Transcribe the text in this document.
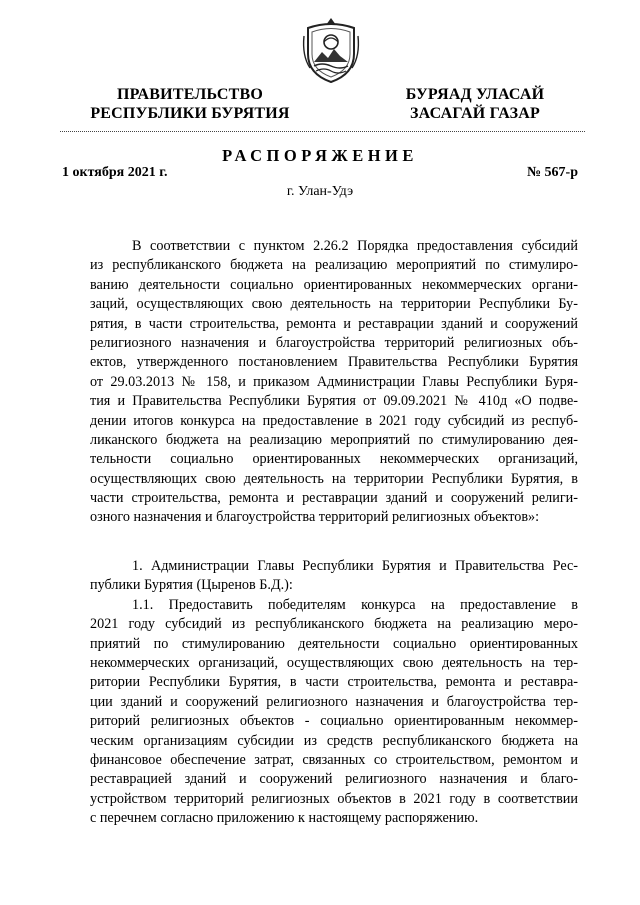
ПРАВИТЕЛЬСТВО
РЕСПУБЛИКИ БУРЯТИЯ
БУРЯАД УЛАСАЙ
ЗАСАГАЙ ГАЗАР
РАСПОРЯЖЕНИЕ
1 октября 2021 г.	№ 567-р
г. Улан-Удэ
В соответствии с пунктом 2.26.2 Порядка предоставления субсидий
из республиканского бюджета на реализацию мероприятий по стимулиро-
ванию деятельности социально ориентированных некоммерческих органи-
заций, осуществляющих свою деятельность на территории Республики Бу-
рятия, в части строительства, ремонта и реставрации зданий и сооружений
религиозного назначения и благоустройства территорий религиозных объ-
ектов, утвержденного постановлением Правительства Республики Бурятия
от 29.03.2013 № 158, и приказом Администрации Главы Республики Буря-
тия и Правительства Республики Бурятия от 09.09.2021 № 410д «О подве-
дении итогов конкурса на предоставление в 2021 году субсидий из респуб-
ликанского бюджета на реализацию мероприятий по стимулированию дея-
тельности социально ориентированных некоммерческих организаций,
осуществляющих свою деятельность на территории Республики Бурятия, в
части строительства, ремонта и реставрации зданий и сооружений религи-
озного назначения и благоустройства территорий религиозных объектов»:
1. Администрации Главы Республики Бурятия и Правительства Рес-
публики Бурятия (Цыренов Б.Д.):
1.1. Предоставить победителям конкурса на предоставление в
2021 году субсидий из республиканского бюджета на реализацию меро-
приятий по стимулированию деятельности социально ориентированных
некоммерческих организаций, осуществляющих свою деятельность на тер-
ритории Республики Бурятия, в части строительства, ремонта и реставра-
ции зданий и сооружений религиозного назначения и благоустройства тер-
риторий религиозных объектов - социально ориентированным некоммер-
ческим организациям субсидии из средств республиканского бюджета на
финансовое обеспечение затрат, связанных со строительством, ремонтом и
реставрацией зданий и сооружений религиозного назначения и благо-
устройством территорий религиозных объектов в 2021 году в соответствии
с перечнем согласно приложению к настоящему распоряжению.
